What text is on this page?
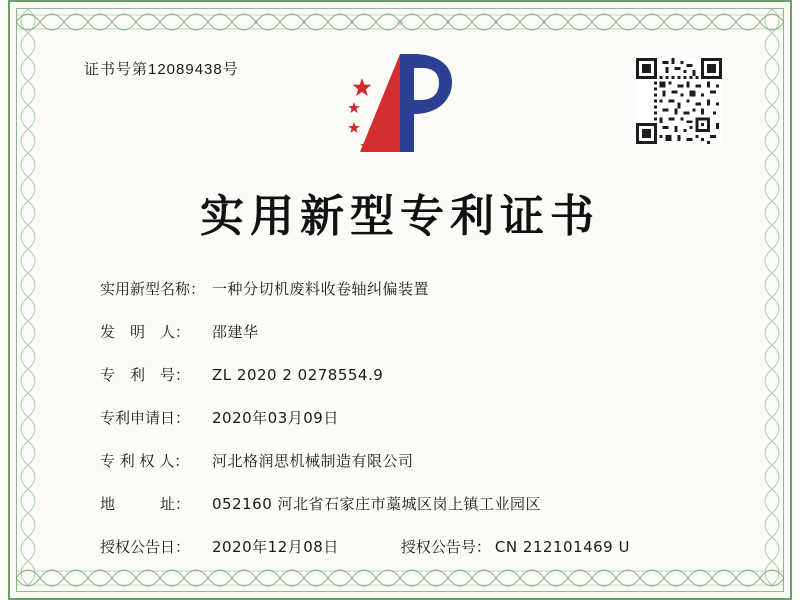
证书号第12089438号
实用新型专利证书
实用新型名称： 一种分切机废料收卷轴纠偏装置
发　明　人：	邵建华
专　利　号：	ZL 2020 2 0278554.9
专利申请日：	2020年03月09日
专 利 权 人：	河北格润思机械制造有限公司
地　　　址：	052160 河北省石家庄市藁城区岗上镇工业园区
授权公告日：	2020年12月08日	授权公告号： CN 212101469 U
